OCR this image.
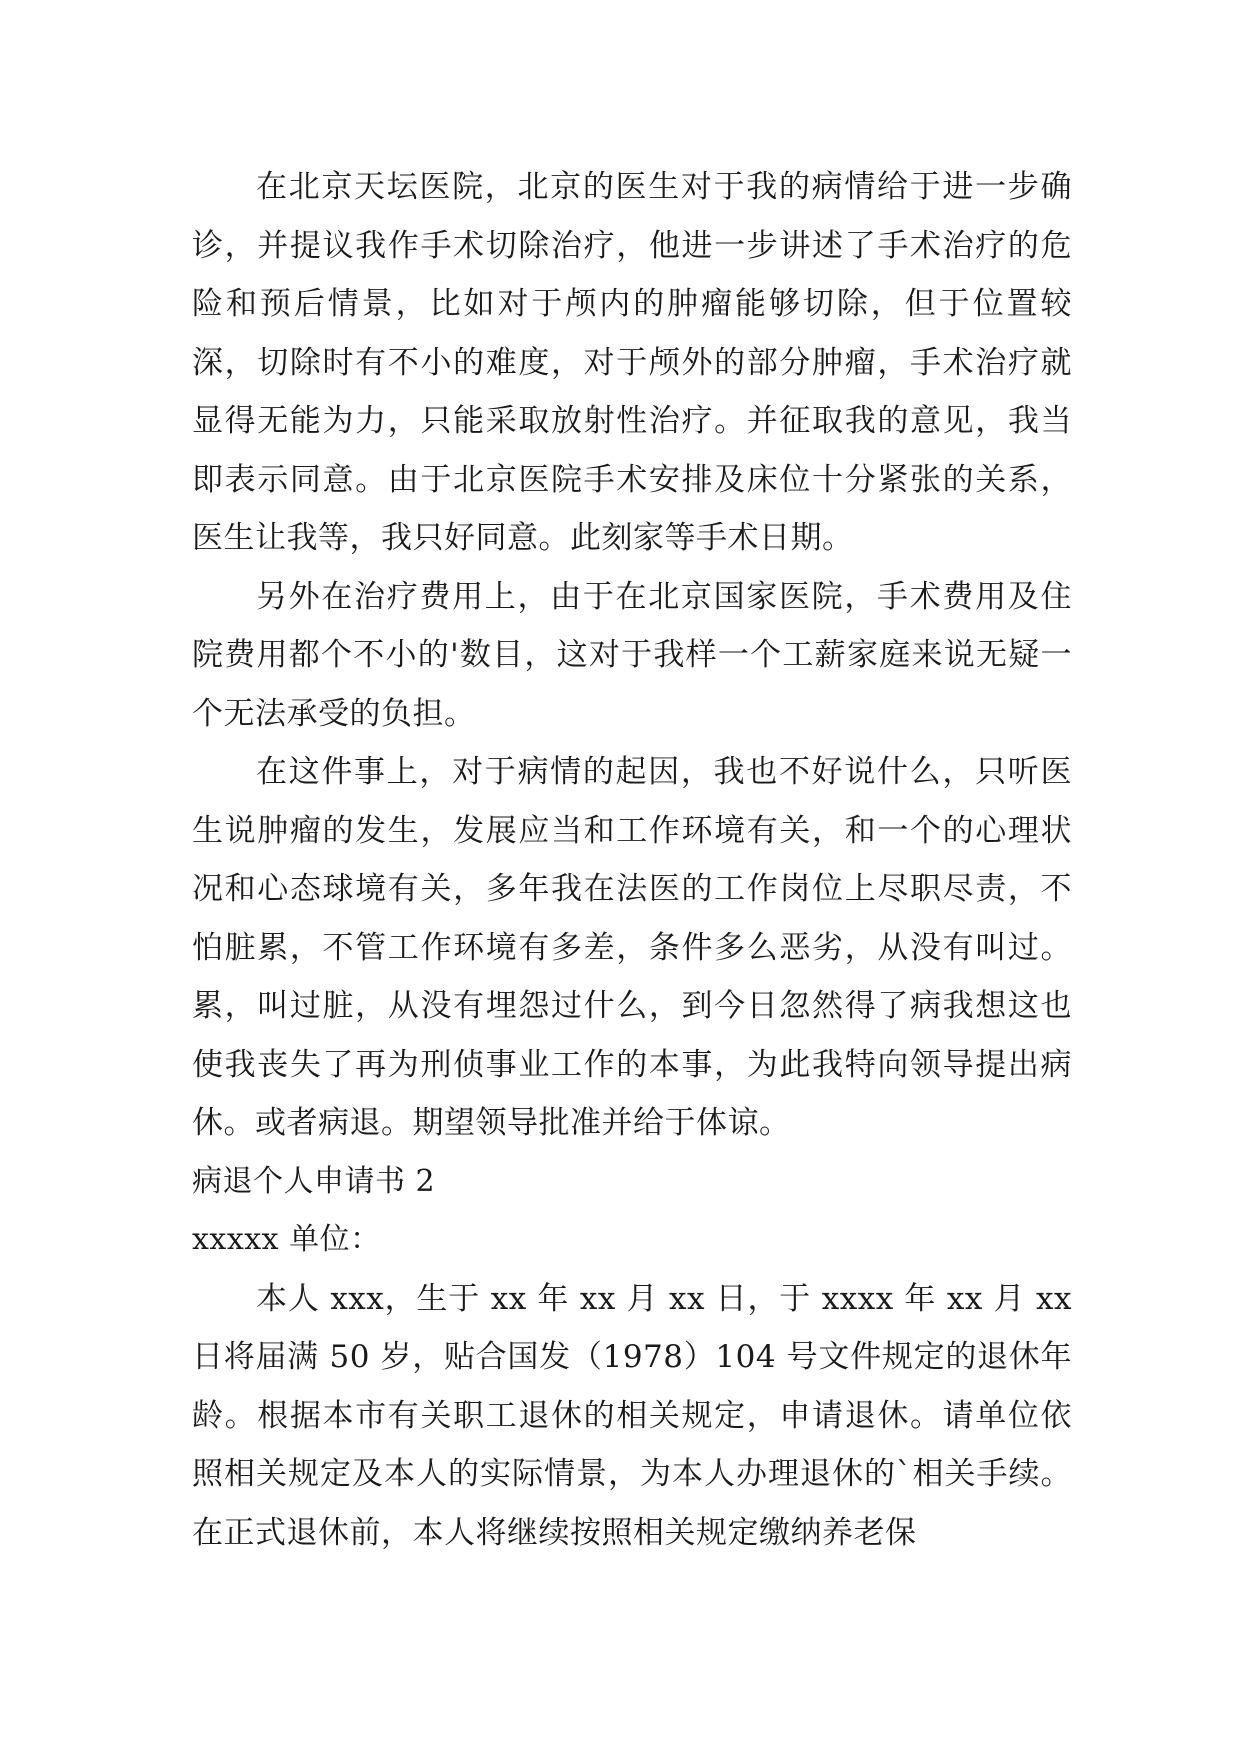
在北京天坛医院，北京的医生对于我的病情给于进一步确诊，并提议我作手术切除治疗，他进一步讲述了手术治疗的危险和预后情景，比如对于颅内的肿瘤能够切除，但于位置较深，切除时有不小的难度，对于颅外的部分肿瘤，手术治疗就显得无能为力，只能采取放射性治疗。并征取我的意见，我当即表示同意。由于北京医院手术安排及床位十分紧张的关系，医生让我等，我只好同意。此刻家等手术日期。

另外在治疗费用上，由于在北京国家医院，手术费用及住院费用都个不小的'数目，这对于我样一个工薪家庭来说无疑一个无法承受的负担。

在这件事上，对于病情的起因，我也不好说什么，只听医生说肿瘤的发生，发展应当和工作环境有关，和一个的心理状况和心态球境有关，多年我在法医的工作岗位上尽职尽责，不怕脏累，不管工作环境有多差，条件多么恶劣，从没有叫过。累，叫过脏，从没有埋怨过什么，到今日忽然得了病我想这也使我丧失了再为刑侦事业工作的本事，为此我特向领导提出病休。或者病退。期望领导批准并给于体谅。

病退个人申请书 2

xxxxx 单位：

本人 xxx，生于 xx 年 xx 月 xx 日，于 xxxx 年 xx 月 xx 日将届满 50 岁，贴合国发（1978）104 号文件规定的退休年龄。根据本市有关职工退休的相关规定，申请退休。请单位依照相关规定及本人的实际情景，为本人办理退休的`相关手续。在正式退休前，本人将继续按照相关规定缴纳养老保
